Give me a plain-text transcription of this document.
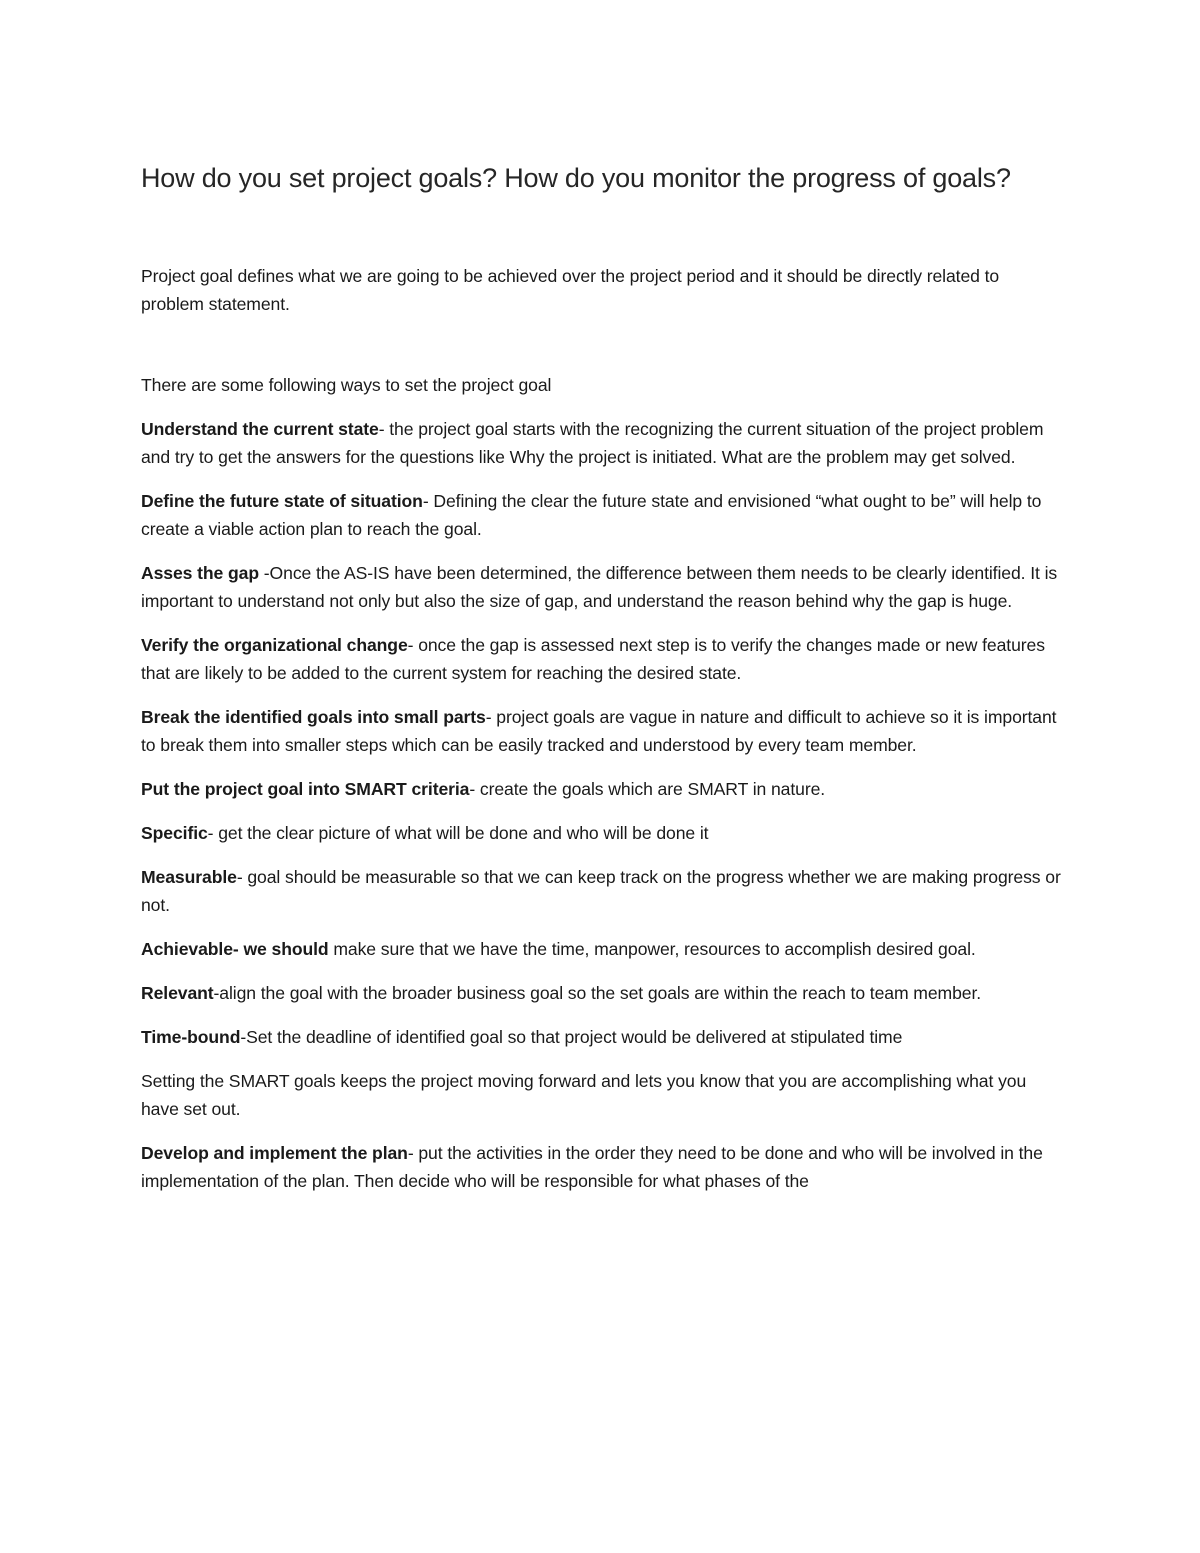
How do you set project goals? How do you monitor the progress of goals?

Project goal defines what we are going to be achieved over the project period and it should be directly related to problem statement.

There are some following ways to set the project goal

Understand the current state- the project goal starts with the recognizing the current situation of the project problem and try to get the answers for the questions like Why the project is initiated. What are the problem may get solved.

Define the future state of situation- Defining the clear the future state and envisioned “what ought to be” will help to create a viable action plan to reach the goal.

Asses the gap -Once the AS-IS have been determined, the difference between them needs to be clearly identified. It is important to understand not only but also the size of gap, and understand the reason behind why the gap is huge.

Verify the organizational change- once the gap is assessed next step is to verify the changes made or new features that are likely to be added to the current system for reaching the desired state.

Break the identified goals into small parts- project goals are vague in nature and difficult to achieve so it is important to break them into smaller steps which can be easily tracked and understood by every team member.

Put the project goal into SMART criteria- create the goals which are SMART in nature.

Specific- get the clear picture of what will be done and who will be done it

Measurable- goal should be measurable so that we can keep track on the progress whether we are making progress or not.

Achievable- we should make sure that we have the time, manpower, resources to accomplish desired goal.

Relevant-align the goal with the broader business goal so the set goals are within the reach to team member.

Time-bound-Set the deadline of identified goal so that project would be delivered at stipulated time

Setting the SMART goals keeps the project moving forward and lets you know that you are accomplishing what you have set out.

Develop and implement the plan- put the activities in the order they need to be done and who will be involved in the implementation of the plan. Then decide who will be responsible for what phases of the
